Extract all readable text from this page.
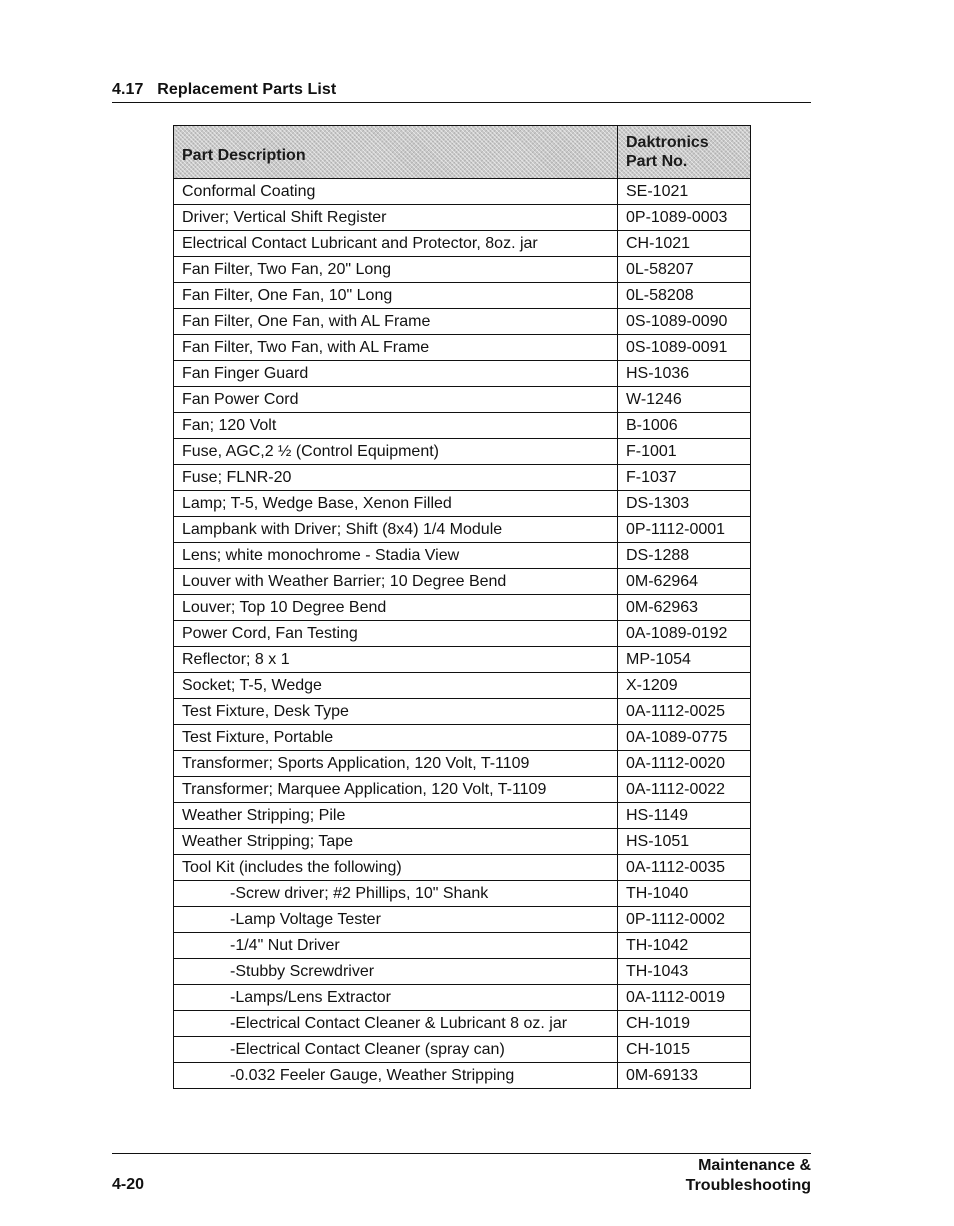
4.17 Replacement Parts List
Part Description	Daktronics
Part No.
Conformal Coating	SE-1021
Driver; Vertical Shift Register	0P-1089-0003
Electrical Contact Lubricant and Protector, 8oz. jar	CH-1021
Fan Filter, Two Fan, 20" Long	0L-58207
Fan Filter, One Fan, 10" Long	0L-58208
Fan Filter, One Fan, with AL Frame	0S-1089-0090
Fan Filter, Two Fan, with AL Frame	0S-1089-0091
Fan Finger Guard	HS-1036
Fan Power Cord	W-1246
Fan; 120 Volt	B-1006
Fuse, AGC,2 ½ (Control Equipment)	F-1001
Fuse; FLNR-20	F-1037
Lamp; T-5, Wedge Base, Xenon Filled	DS-1303
Lampbank with Driver; Shift (8x4) 1/4 Module	0P-1112-0001
Lens; white monochrome - Stadia View	DS-1288
Louver with Weather Barrier; 10 Degree Bend	0M-62964
Louver; Top 10 Degree Bend	0M-62963
Power Cord, Fan Testing	0A-1089-0192
Reflector; 8 x 1	MP-1054
Socket; T-5, Wedge	X-1209
Test Fixture, Desk Type	0A-1112-0025
Test Fixture, Portable	0A-1089-0775
Transformer; Sports Application, 120 Volt, T-1109	0A-1112-0020
Transformer; Marquee Application, 120 Volt, T-1109	0A-1112-0022
Weather Stripping; Pile	HS-1149
Weather Stripping; Tape	HS-1051
Tool Kit (includes the following)	0A-1112-0035
-Screw driver; #2 Phillips, 10" Shank	TH-1040
-Lamp Voltage Tester	0P-1112-0002
-1/4" Nut Driver	TH-1042
-Stubby Screwdriver	TH-1043
-Lamps/Lens Extractor	0A-1112-0019
-Electrical Contact Cleaner & Lubricant 8 oz. jar	CH-1019
-Electrical Contact Cleaner (spray can)	CH-1015
-0.032 Feeler Gauge, Weather Stripping	0M-69133
4-20
Maintenance &
Troubleshooting
